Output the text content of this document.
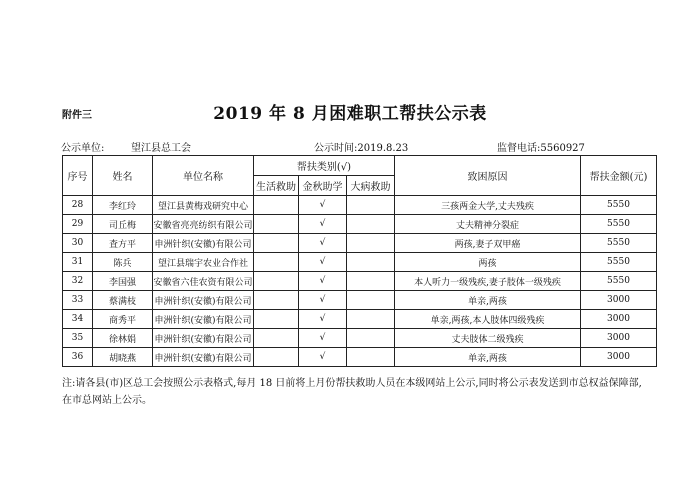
附件三	2019 年 8 月困难职工帮扶公示表
公示单位:	望江县总工会	公示时间:2019.8.23	监督电话:5560927
序号	姓名	单位名称	帮扶类别(√)			致困原因	帮扶金额(元)
			生活救助	金秋助学	大病救助		
28	李红玲	望江县黄梅戏研究中心		√		三孩两金大学,丈夫残疾	5550
29	司丘梅	安徽省亮亮纺织有限公司		√		丈夫精神分裂症	5550
30	査方平	申洲针织(安徽)有限公司		√		两孩,妻子双甲癌	5550
31	陈兵	望江县瑞宇农业合作社		√		两孩	5550
32	李国强	安徽省六佳农资有限公司		√		本人听力一级残疾,妻子肢体一级残疾	5550
33	蔡满枝	申洲针织(安徽)有限公司		√		单亲,两孩	3000
34	商秀平	申洲针织(安徽)有限公司		√		单亲,两孩,本人肢体四级残疾	3000
35	徐林娟	申洲针织(安徽)有限公司		√		丈夫肢体二级残疾	3000
36	胡晓燕	申洲针织(安徽)有限公司		√		单亲,两孩	3000
注:请各县(市)区总工会按照公示表格式,每月 18 日前将上月份帮扶救助人员在本级网站上公示,同时将公示表发送到市总权益保障部,在市总网站上公示。
